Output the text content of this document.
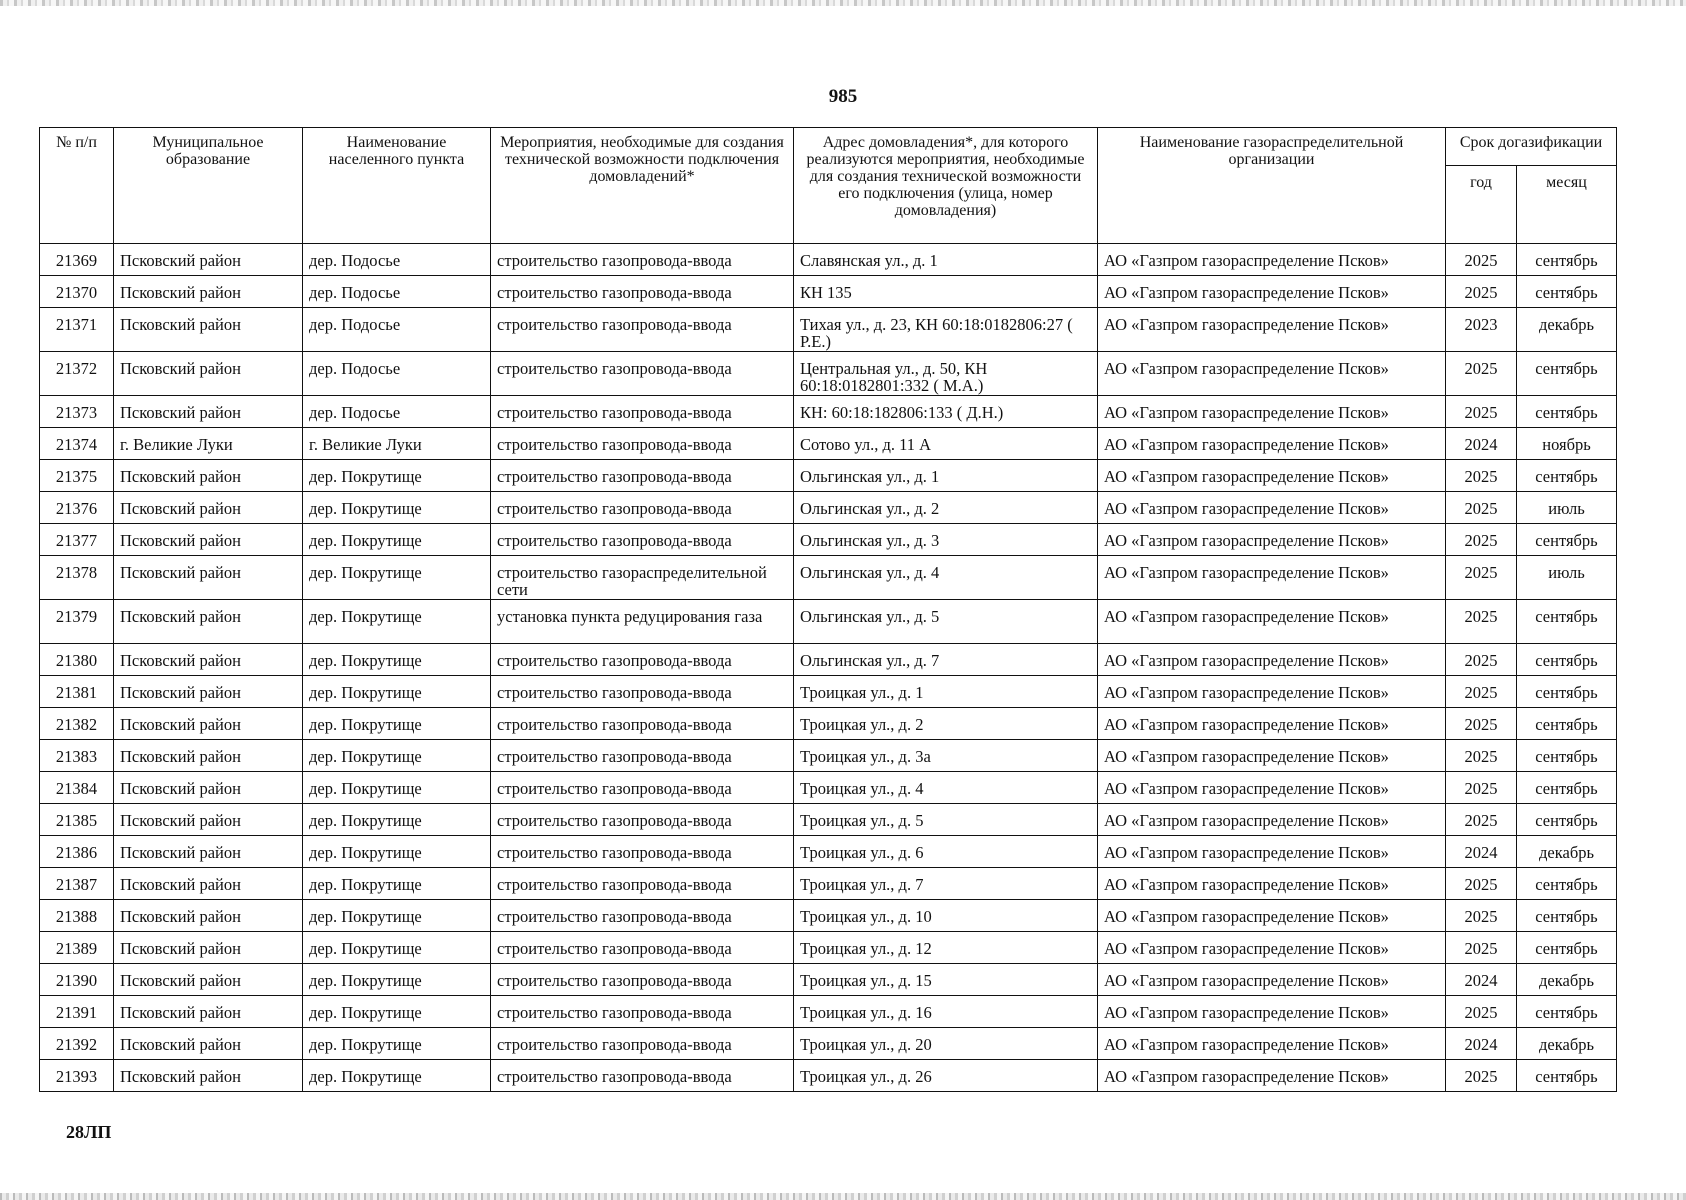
985
№ п/п	Муниципальное образование	Наименование населенного пункта	Мероприятия, необходимые для создания технической возможности подключения домовладений*	Адрес домовладения*, для которого реализуются мероприятия, необходимые для создания технической возможности его подключения (улица, номер домовладения)	Наименование газораспределительной организации	Срок догазификации	
						год	месяц
21369	Псковский район	дер. Подосье	строительство газопровода-ввода	Славянская ул., д. 1	АО «Газпром газораспределение Псков»	2025	сентябрь
21370	Псковский район	дер. Подосье	строительство газопровода-ввода	КН 135	АО «Газпром газораспределение Псков»	2025	сентябрь
21371	Псковский район	дер. Подосье	строительство газопровода-ввода	Тихая ул., д. 23, КН 60:18:0182806:27 ( Р.Е.)	АО «Газпром газораспределение Псков»	2023	декабрь
21372	Псковский район	дер. Подосье	строительство газопровода-ввода	Центральная ул., д. 50, КН 60:18:0182801:332 ( М.А.)	АО «Газпром газораспределение Псков»	2025	сентябрь
21373	Псковский район	дер. Подосье	строительство газопровода-ввода	КН: 60:18:182806:133 ( Д.Н.)	АО «Газпром газораспределение Псков»	2025	сентябрь
21374	г. Великие Луки	г. Великие Луки	строительство газопровода-ввода	Сотово ул., д. 11 А	АО «Газпром газораспределение Псков»	2024	ноябрь
21375	Псковский район	дер. Покрутище	строительство газопровода-ввода	Ольгинская ул., д. 1	АО «Газпром газораспределение Псков»	2025	сентябрь
21376	Псковский район	дер. Покрутище	строительство газопровода-ввода	Ольгинская ул., д. 2	АО «Газпром газораспределение Псков»	2025	июль
21377	Псковский район	дер. Покрутище	строительство газопровода-ввода	Ольгинская ул., д. 3	АО «Газпром газораспределение Псков»	2025	сентябрь
21378	Псковский район	дер. Покрутище	строительство газораспределительной сети	Ольгинская ул., д. 4	АО «Газпром газораспределение Псков»	2025	июль
21379	Псковский район	дер. Покрутище	установка пункта редуцирования газа	Ольгинская ул., д. 5	АО «Газпром газораспределение Псков»	2025	сентябрь
21380	Псковский район	дер. Покрутище	строительство газопровода-ввода	Ольгинская ул., д. 7	АО «Газпром газораспределение Псков»	2025	сентябрь
21381	Псковский район	дер. Покрутище	строительство газопровода-ввода	Троицкая ул., д. 1	АО «Газпром газораспределение Псков»	2025	сентябрь
21382	Псковский район	дер. Покрутище	строительство газопровода-ввода	Троицкая ул., д. 2	АО «Газпром газораспределение Псков»	2025	сентябрь
21383	Псковский район	дер. Покрутище	строительство газопровода-ввода	Троицкая ул., д. 3а	АО «Газпром газораспределение Псков»	2025	сентябрь
21384	Псковский район	дер. Покрутище	строительство газопровода-ввода	Троицкая ул., д. 4	АО «Газпром газораспределение Псков»	2025	сентябрь
21385	Псковский район	дер. Покрутище	строительство газопровода-ввода	Троицкая ул., д. 5	АО «Газпром газораспределение Псков»	2025	сентябрь
21386	Псковский район	дер. Покрутище	строительство газопровода-ввода	Троицкая ул., д. 6	АО «Газпром газораспределение Псков»	2024	декабрь
21387	Псковский район	дер. Покрутище	строительство газопровода-ввода	Троицкая ул., д. 7	АО «Газпром газораспределение Псков»	2025	сентябрь
21388	Псковский район	дер. Покрутище	строительство газопровода-ввода	Троицкая ул., д. 10	АО «Газпром газораспределение Псков»	2025	сентябрь
21389	Псковский район	дер. Покрутище	строительство газопровода-ввода	Троицкая ул., д. 12	АО «Газпром газораспределение Псков»	2025	сентябрь
21390	Псковский район	дер. Покрутище	строительство газопровода-ввода	Троицкая ул., д. 15	АО «Газпром газораспределение Псков»	2024	декабрь
21391	Псковский район	дер. Покрутище	строительство газопровода-ввода	Троицкая ул., д. 16	АО «Газпром газораспределение Псков»	2025	сентябрь
21392	Псковский район	дер. Покрутище	строительство газопровода-ввода	Троицкая ул., д. 20	АО «Газпром газораспределение Псков»	2024	декабрь
21393	Псковский район	дер. Покрутище	строительство газопровода-ввода	Троицкая ул., д. 26	АО «Газпром газораспределение Псков»	2025	сентябрь
28ЛП
